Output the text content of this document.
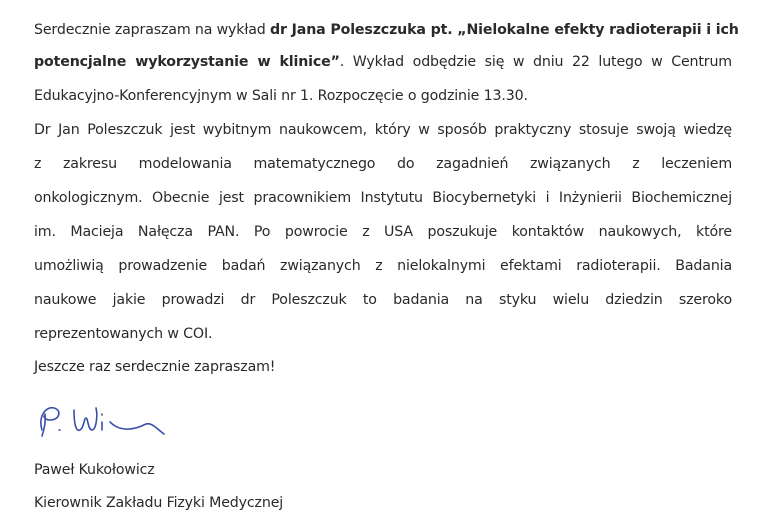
Serdecznie zapraszam na wykład dr Jana Poleszczuka pt. „Nielokalne efekty radioterapii i ich
potencjalne wykorzystanie w klinice”. Wykład odbędzie się w dniu 22 lutego w Centrum
Edukacyjno-Konferencyjnym w Sali nr 1. Rozpoczęcie o godzinie 13.30.
Dr Jan Poleszczuk jest wybitnym naukowcem, który w sposób praktyczny stosuje swoją wiedzę
z zakresu modelowania matematycznego do zagadnień związanych z leczeniem
onkologicznym. Obecnie jest pracownikiem Instytutu Biocybernetyki i Inżynierii Biochemicznej
im. Macieja Nałęcza PAN. Po powrocie z USA poszukuje kontaktów naukowych, które
umożliwią prowadzenie badań związanych z nielokalnymi efektami radioterapii. Badania
naukowe jakie prowadzi dr Poleszczuk to badania na styku wielu dziedzin szeroko
reprezentowanych w COI.
Jeszcze raz serdecznie zapraszam!
Paweł Kukołowicz
Kierownik Zakładu Fizyki Medycznej
